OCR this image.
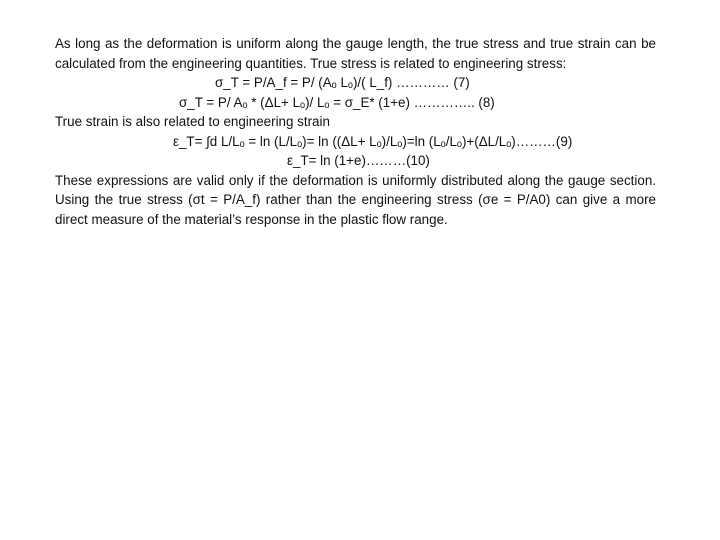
As long as the deformation is uniform along the gauge length, the true stress and true strain can be calculated from the engineering quantities. True stress is related to engineering stress:

σ_T = P/A_f = P/ (Aₒ Lₒ)/( L_f) ………… (7)

σ_T = P/ Aₒ * (ΔL+ Lₒ)/ Lₒ = σ_E* (1+e) ………….. (8)

True strain is also related to engineering strain

ε_T= ∫d L/Lₒ = ln (L/Lₒ)= ln ((ΔL+ Lₒ)/Lₒ)=ln (Lₒ/Lₒ)+(ΔL/Lₒ)………(9)

ε_T= ln (1+e)………(10)

These expressions are valid only if the deformation is uniformly distributed along the gauge section. Using the true stress (σt = P/A_f) rather than the engineering stress (σe = P/A0) can give a more direct measure of the material’s response in the plastic flow range.
